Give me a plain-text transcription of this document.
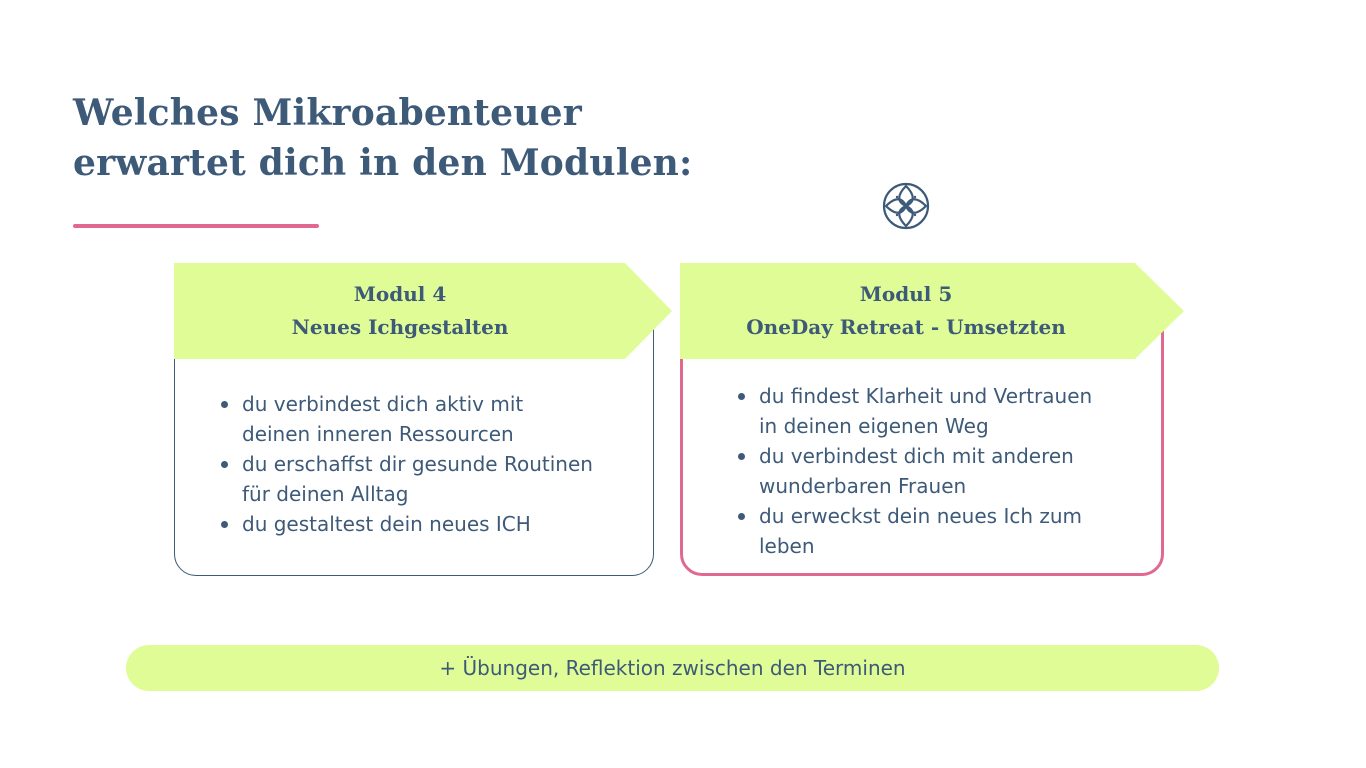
Welches Mikroabenteuer
erwartet dich in den Modulen:
Modul 4
Neues Ichgestalten
du verbindest dich aktiv mit
deinen inneren Ressourcen
du erschaffst dir gesunde Routinen
für deinen Alltag
du gestaltest dein neues ICH
Modul 5
OneDay Retreat - Umsetzten
du findest Klarheit und Vertrauen
in deinen eigenen Weg
du verbindest dich mit anderen
wunderbaren Frauen
du erweckst dein neues Ich zum
leben
+ Übungen, Reflektion zwischen den Terminen
